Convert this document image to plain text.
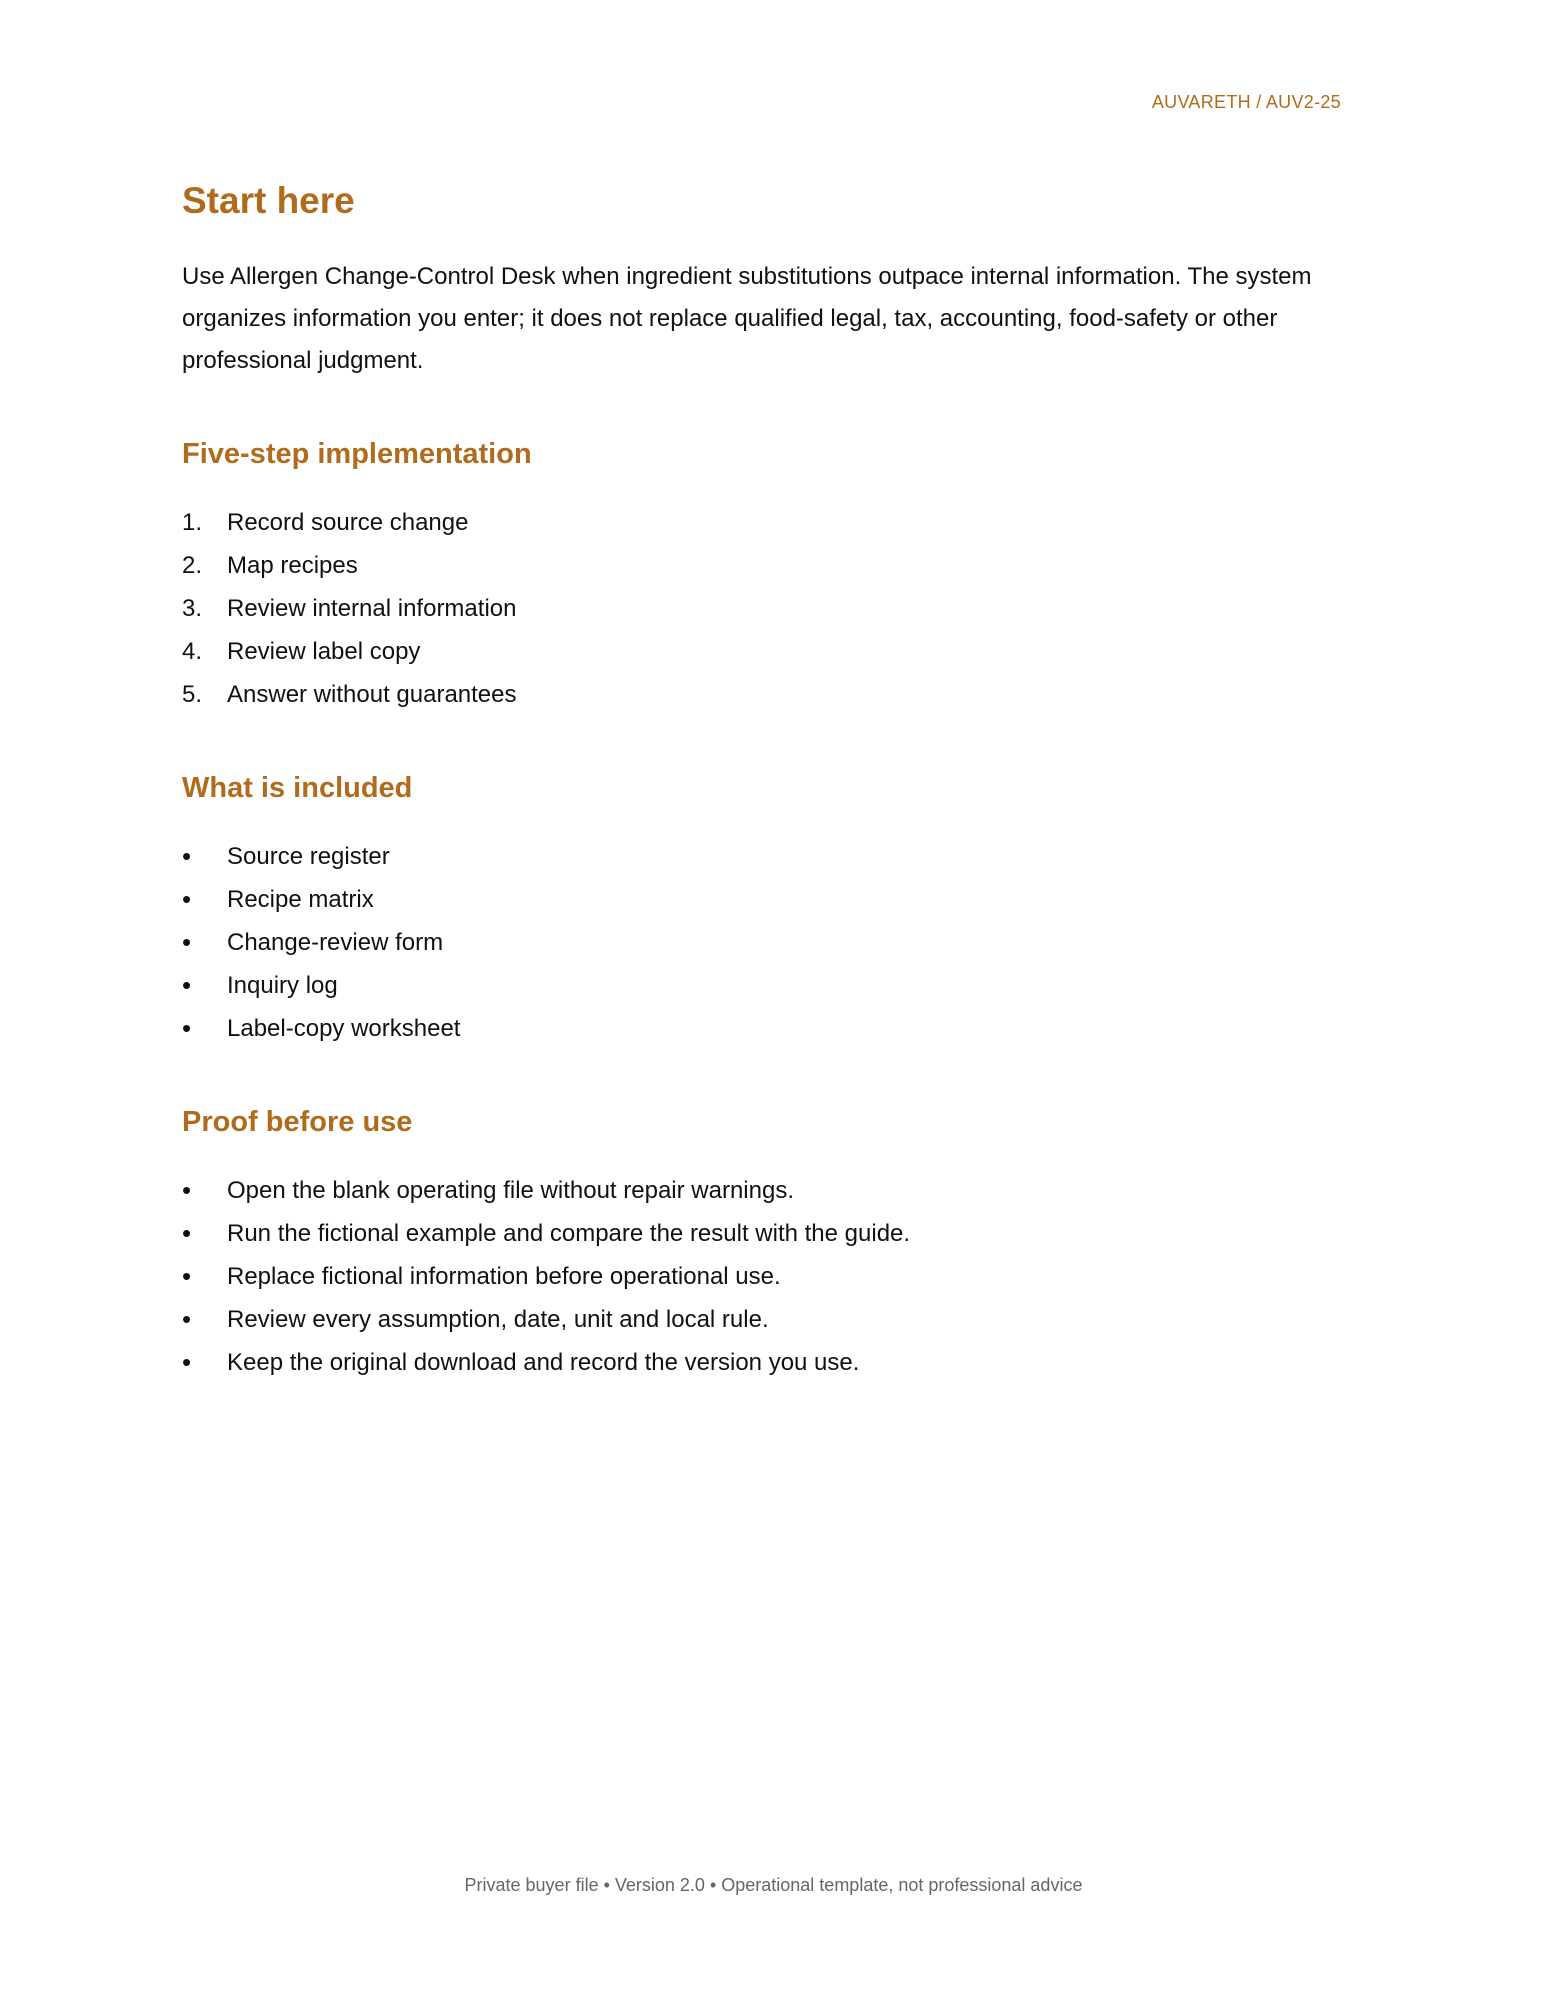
AUVARETH / AUV2-25
Start here

Use Allergen Change-Control Desk when ingredient substitutions outpace internal information. The system organizes information you enter; it does not replace qualified legal, tax, accounting, food-safety or other professional judgment.

Five-step implementation
1. Record source change
2. Map recipes
3. Review internal information
4. Review label copy
5. Answer without guarantees
What is included
• Source register
• Recipe matrix
• Change-review form
• Inquiry log
• Label-copy worksheet
Proof before use
• Open the blank operating file without repair warnings.
• Run the fictional example and compare the result with the guide.
• Replace fictional information before operational use.
• Review every assumption, date, unit and local rule.
• Keep the original download and record the version you use.
Private buyer file • Version 2.0 • Operational template, not professional advice
